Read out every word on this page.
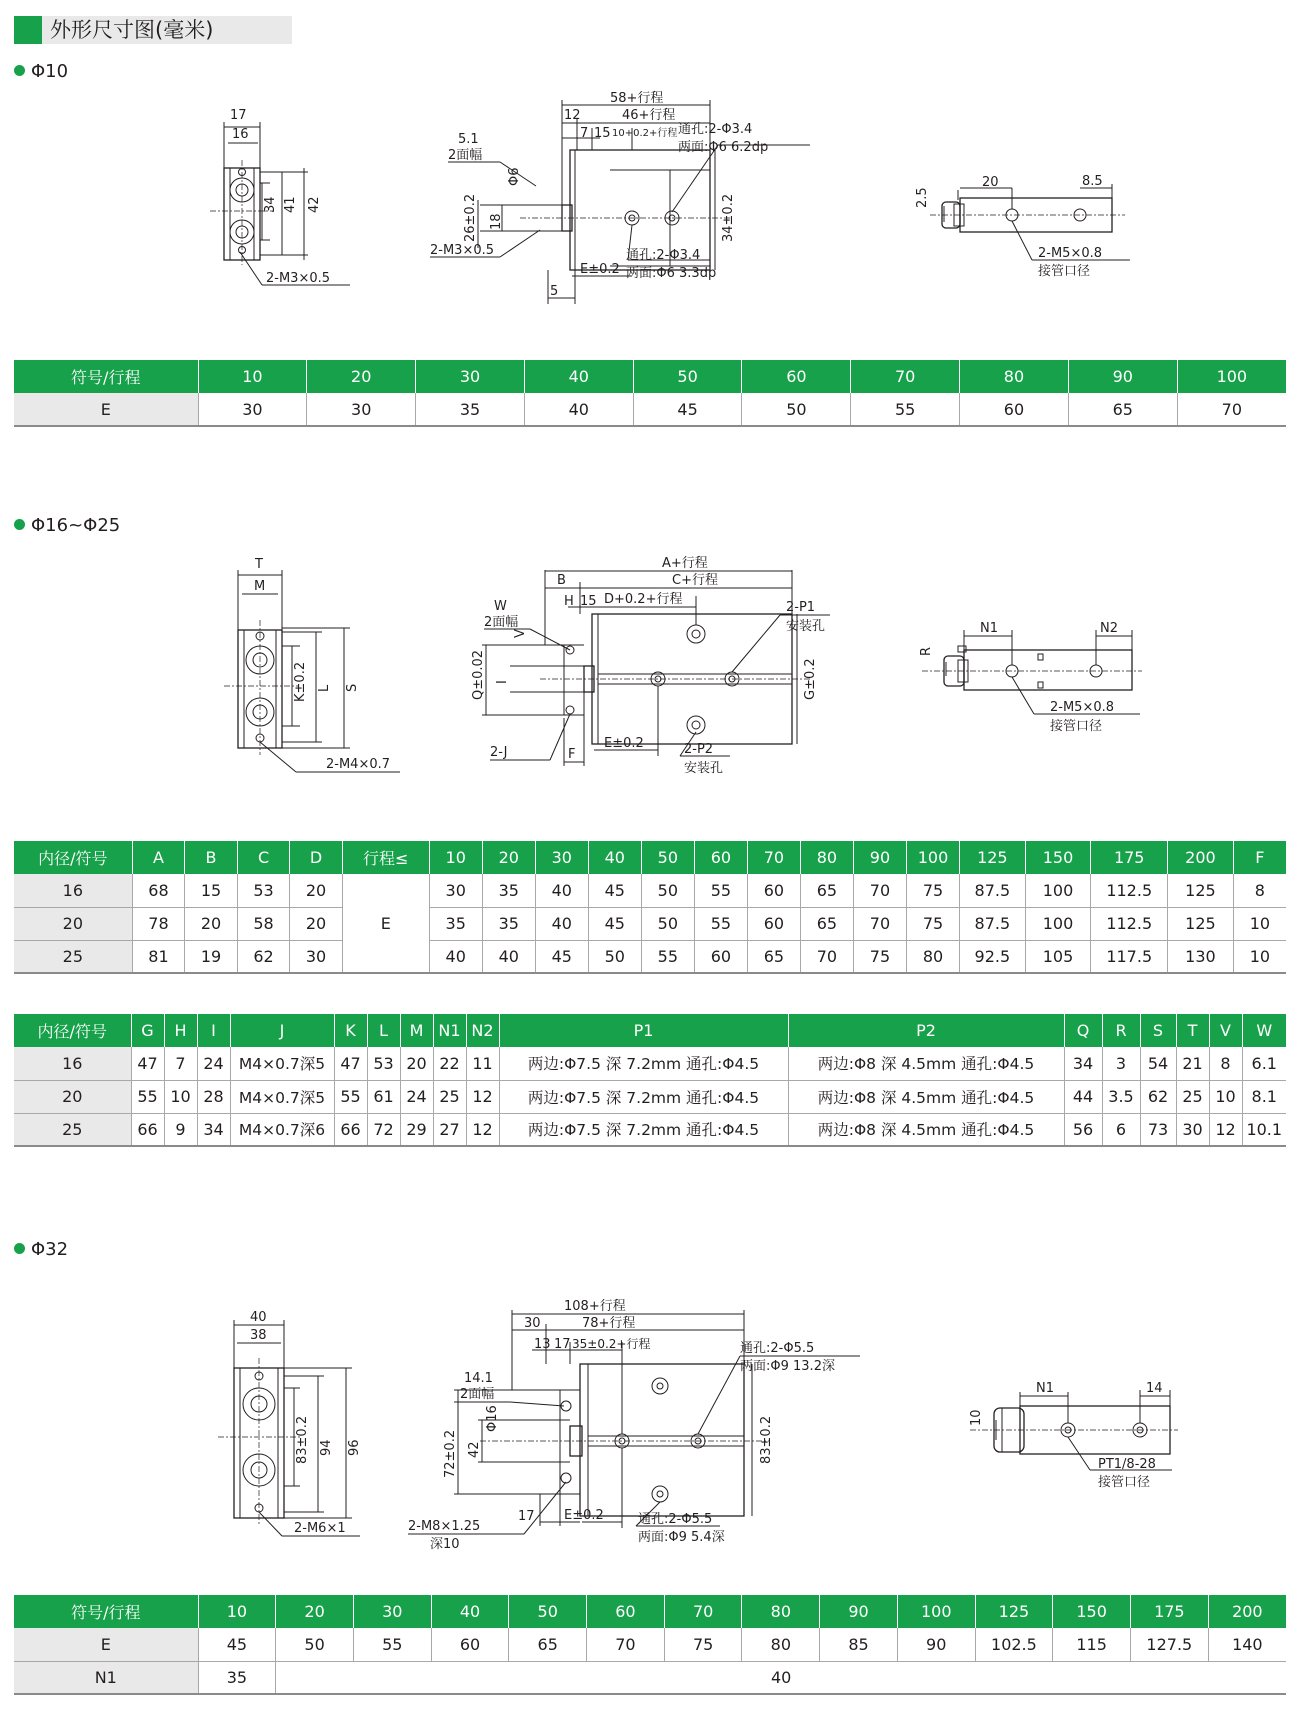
外形尺寸图(毫米)
Φ10
Φ16~Φ25
Φ32
17
16
34 41 42
2-M3×0.5
58+行程
46+行程
12
7 15 10+0.2+行程
5.1
2面幅
Φ6
26±0.2 18
2-M3×0.5
5
E±0.2
34±0.2
通孔:2-Φ3.4
两面:Φ6 6.2dp
通孔:2-Φ3.4
两面:Φ6 3.3dp
20	8.5
2.5
2-M5×0.8
接管口径
符号/行程	10	20	30	40	50	60	70	80	90	100
E	30	30	35	40	45	50	55	60	65	70
T
M
K±0.2 L S
2-M4×0.7
A+行程
C+行程
B
H 15 D+0.2+行程
W
2面幅
V
Q±0.02 I	G±0.2
2-P1
安装孔
2-J	F
E±0.2	2-P2
安装孔
N1	N2
R
2-M5×0.8
接管口径
内径/符号	A	B	C	D	行程≤	10	20	30	40	50	60	70	80	90	100	125	150	175	200	F
16	68	15	53	20	E	30	35	40	45	50	55	60	65	70	75	87.5	100	112.5	125	8
20	78	20	58	20		35	35	40	45	50	55	60	65	70	75	87.5	100	112.5	125	10
25	81	19	62	30		40	40	45	50	55	60	65	70	75	80	92.5	105	117.5	130	10
内径/符号	G	H	I	J	K	L	M	N1	N2	P1	P2	Q	R	S	T	V	W
16	47	7	24	M4×0.7深5	47	53	20	22	11	两边:Φ7.5 深 7.2mm 通孔:Φ4.5	两边:Φ8 深 4.5mm 通孔:Φ4.5	34	3	54	21	8	6.1
20	55	10	28	M4×0.7深5	55	61	24	25	12	两边:Φ7.5 深 7.2mm 通孔:Φ4.5	两边:Φ8 深 4.5mm 通孔:Φ4.5	44	3.5	62	25	10	8.1
25	66	9	34	M4×0.7深6	66	72	29	27	12	两边:Φ7.5 深 7.2mm 通孔:Φ4.5	两边:Φ8 深 4.5mm 通孔:Φ4.5	56	6	73	30	12	10.1
40
38
83±0.2 94 96
2-M6×1
108+行程
78+行程
30
13 17 35±0.2+行程
14.1
2面幅
Φ16
72±0.2 42	83±0.2
通孔:2-Φ5.5
两面:Φ9 13.2深
2-M8×1.25
深10
17 E±0.2	通孔:2-Φ5.5
两面:Φ9 5.4深
N1	14
10
PT1/8-28
接管口径
符号/行程	10	20	30	40	50	60	70	80	90	100	125	150	175	200
E	45	50	55	60	65	70	75	80	85	90	102.5	115	127.5	140
N1	35	40												
